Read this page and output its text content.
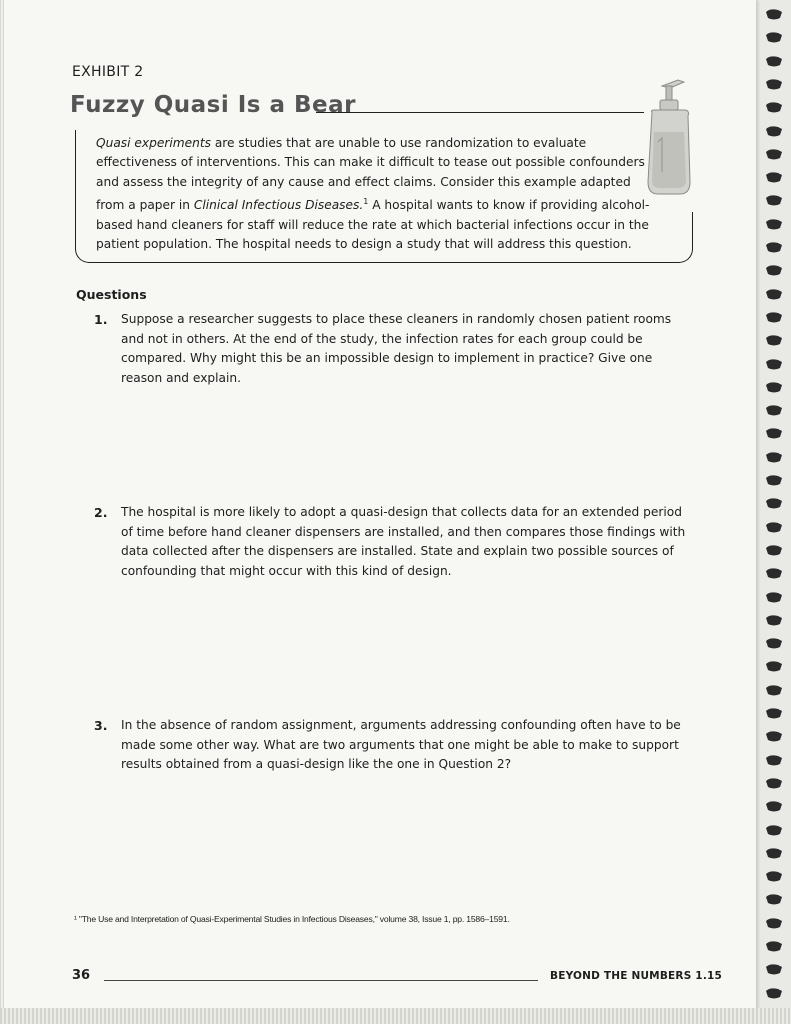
EXHIBIT 2
Fuzzy Quasi Is a Bear
Quasi experiments are studies that are unable to use randomization to evaluate effectiveness of interventions. This can make it difficult to tease out possible confounders and assess the integrity of any cause and effect claims. Consider this example adapted from a paper in Clinical Infectious Diseases.$^1$ A hospital wants to know if providing alcohol-based hand cleaners for staff will reduce the rate at which bacterial infections occur in the patient population. The hospital needs to design a study that will address this question.
Questions
1. Suppose a researcher suggests to place these cleaners in randomly chosen patient rooms and not in others. At the end of the study, the infection rates for each group could be compared. Why might this be an impossible design to implement in practice? Give one reason and explain.
2. The hospital is more likely to adopt a quasi-design that collects data for an extended period of time before hand cleaner dispensers are installed, and then compares those findings with data collected after the dispensers are installed. State and explain two possible sources of confounding that might occur with this kind of design.
3. In the absence of random assignment, arguments addressing confounding often have to be made some other way. What are two arguments that one might be able to make to support results obtained from a quasi-design like the one in Question 2?
¹ "The Use and Interpretation of Quasi-Experimental Studies in Infectious Diseases," volume 38, Issue 1, pp. 1586–1591.
36	BEYOND THE NUMBERS 1.15
